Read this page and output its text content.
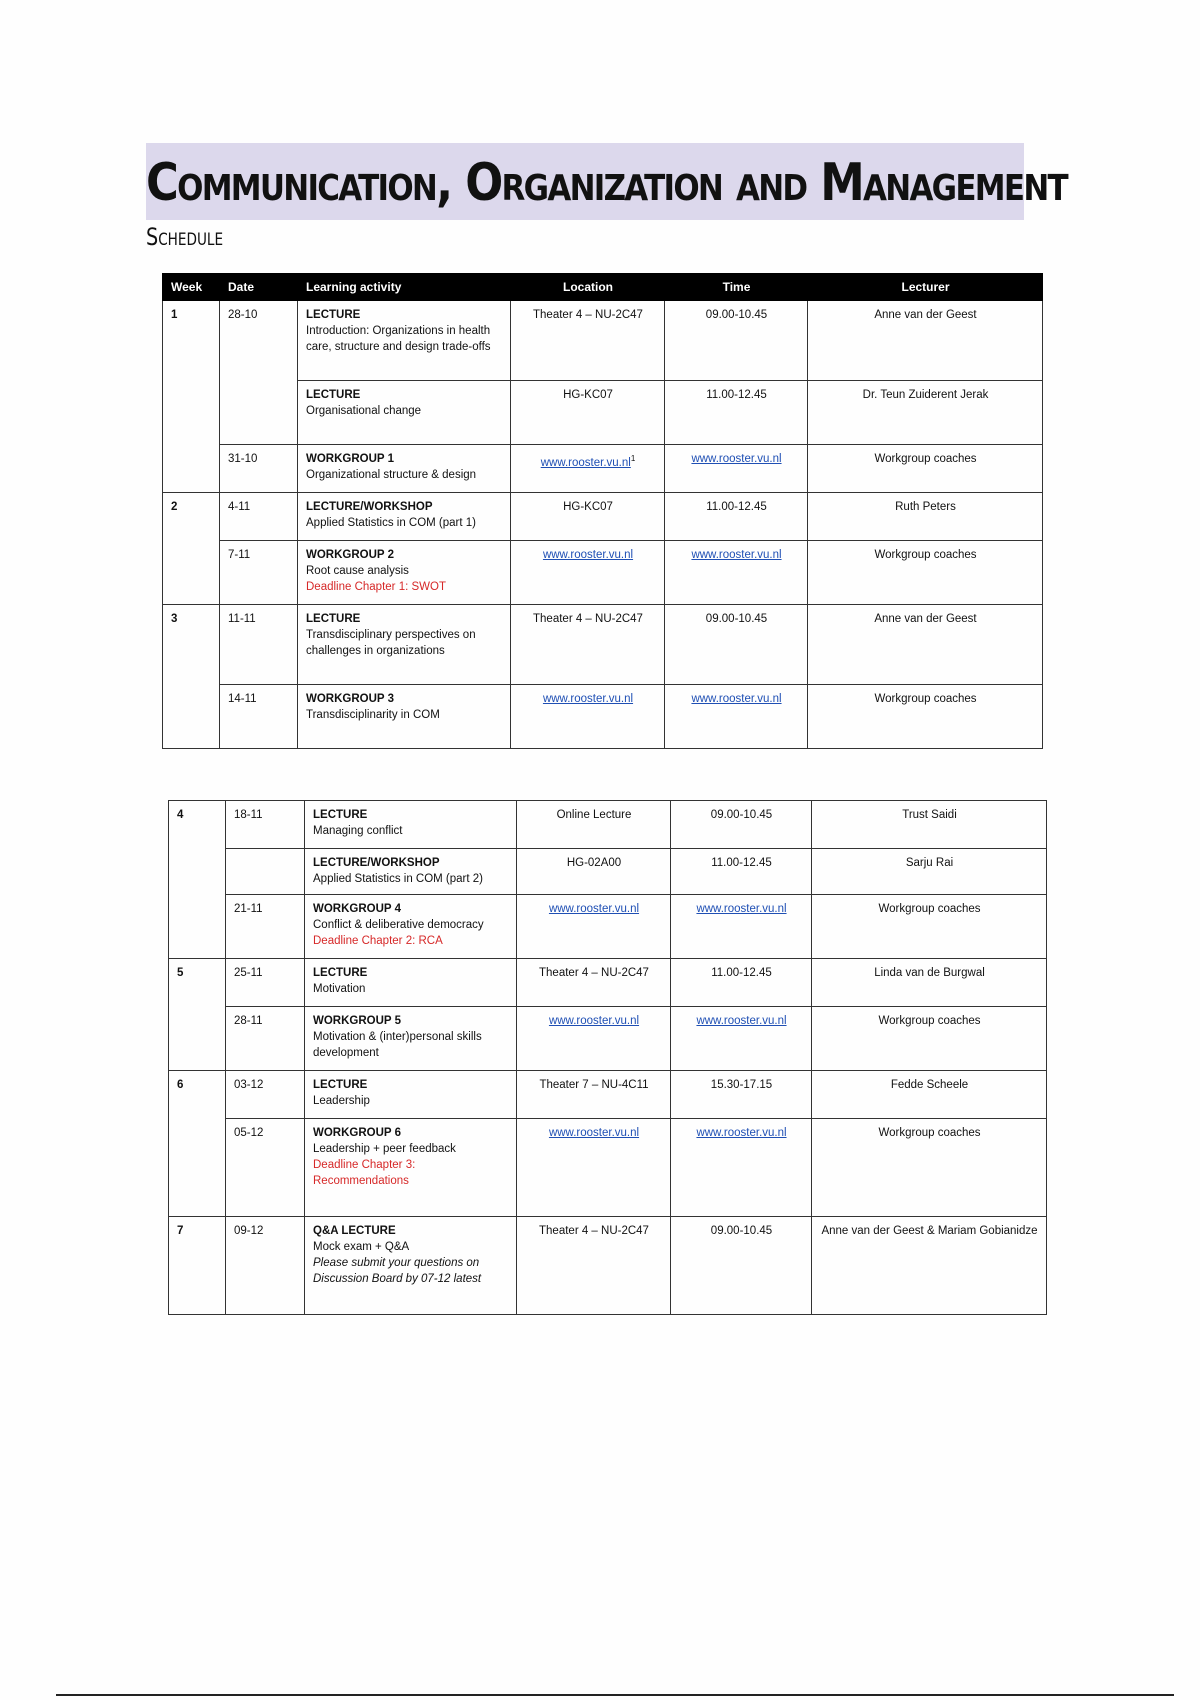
Communication, Organization and Management
Schedule
Week	Date	Learning activity	Location	Time	Lecturer
1	28-10	LECTURE
Introduction: Organizations in health care, structure and design trade-offs	Theater 4 – NU-2C47	09.00-10.45	Anne van der Geest

		LECTURE
Organisational change	HG-KC07	11.00-12.45	Dr. Teun Zuiderent Jerak
	31-10	WORKGROUP 1
Organizational structure & design	$www.rooster.vu.nl^1$	www.rooster.vu.nl	Workgroup coaches
2	4-11	LECTURE/WORKSHOP
Applied Statistics in COM (part 1)	HG-KC07	11.00-12.45	Ruth Peters
	7-11	WORKGROUP 2
Root cause analysis
Deadline Chapter 1: SWOT	www.rooster.vu.nl	www.rooster.vu.nl	Workgroup coaches
3	11-11	LECTURE
Transdisciplinary perspectives on challenges in organizations	Theater 4 – NU-2C47	09.00-10.45	Anne van der Geest
	14-11	WORKGROUP 3
Transdisciplinarity in COM	www.rooster.vu.nl	www.rooster.vu.nl	Workgroup coaches
4	18-11	LECTURE
Managing conflict	Online Lecture	09.00-10.45	Trust Saidi

		LECTURE/WORKSHOP
Applied Statistics in COM (part 2)	HG-02A00	11.00-12.45	Sarju Rai
	21-11	WORKGROUP 4
Conflict & deliberative democracy
Deadline Chapter 2: RCA	www.rooster.vu.nl	www.rooster.vu.nl	Workgroup coaches
5	25-11	LECTURE
Motivation	Theater 4 – NU-2C47	11.00-12.45	Linda van de Burgwal
	28-11	WORKGROUP 5
Motivation & (inter)personal skills development	www.rooster.vu.nl	www.rooster.vu.nl	Workgroup coaches
6	03-12	LECTURE
Leadership	Theater 7 – NU-4C11	15.30-17.15	Fedde Scheele
	05-12	WORKGROUP 6
Leadership + peer feedback
Deadline Chapter 3: Recommendations	www.rooster.vu.nl	www.rooster.vu.nl	Workgroup coaches
7	09-12	Q&A LECTURE
Mock exam + Q&A
Please submit your questions on Discussion Board by 07-12 latest	Theater 4 – NU-2C47	09.00-10.45	Anne van der Geest & Mariam Gobianidze
